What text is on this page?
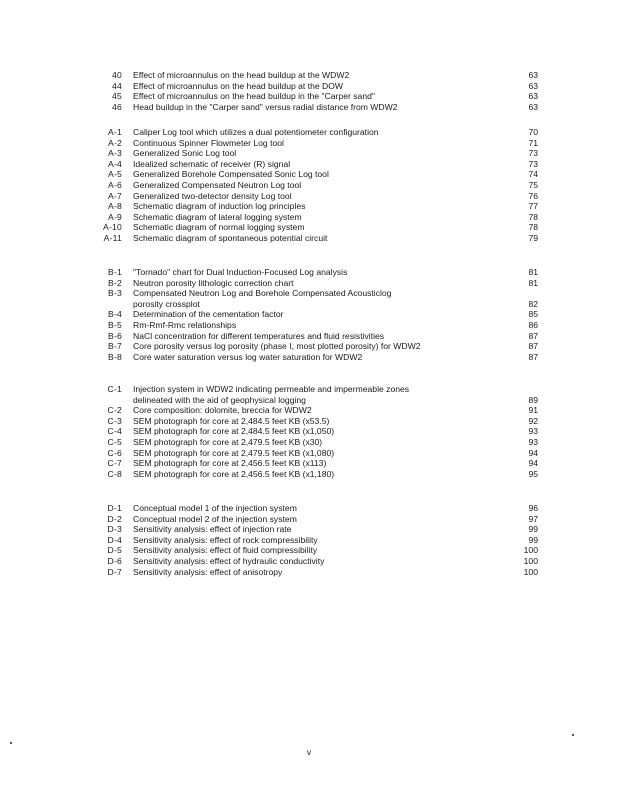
40 Effect of microannulus on the head buildup at the WDW2	63
44 Effect of microannulus on the head buildup at the DOW	63
45 Effect of microannulus on the head buildup in the "Carper sand"	63
46 Head buildup in the "Carper sand" versus radial distance from WDW2	63
A-1 Caliper Log tool which utilizes a dual potentiometer configuration	70
A-2 Continuous Spinner Flowmeter Log tool	71
A-3 Generalized Sonic Log tool	73
A-4 Idealized schematic of receiver (R) signal	73
A-5 Generalized Borehole Compensated Sonic Log tool	74
A-6 Generalized Compensated Neutron Log tool	75
A-7 Generalized two-detector density Log tool	76
A-8 Schematic diagram of induction log principles	77
A-9 Schematic diagram of lateral logging system	78
A-10 Schematic diagram of normal logging system	78
A-11 Schematic diagram of spontaneous potential circuit	79
B-1 "Tornado" chart for Dual Induction-Focused Log analysis	81
B-2 Neutron porosity lithologic correction chart	81
B-3 Compensated Neutron Log and Borehole Compensated Acousticlog
porosity crossplot	82
B-4 Determination of the cementation factor	85
B-5 Rm-Rmf-Rmc relationships	86
B-6 NaCl concentration for different temperatures and fluid resistivities	87
B-7 Core porosity versus log porosity (phase I, most plotted porosity) for WDW2	87
B-8 Core water saturation versus log water saturation for WDW2	87
C-1 Injection system in WDW2 indicating permeable and impermeable zones
delineated with the aid of geophysical logging	89
C-2 Core composition: dolomite, breccia for WDW2	91
C-3 SEM photograph for core at 2,484.5 feet KB (x53.5)	92
C-4 SEM photograph for core at 2,484.5 feet KB (x1,050)	93
C-5 SEM photograph for core at 2,479.5 feet KB (x30)	93
C-6 SEM photograph for core at 2,479.5 feet KB (x1,080)	94
C-7 SEM photograph for core at 2,456.5 feet KB (x113)	94
C-8 SEM photograph for core at 2,456.5 feet KB (x1,180)	95
D-1 Conceptual model 1 of the injection system	96
D-2 Conceptual model 2 of the injection system	97
D-3 Sensitivity analysis: effect of injection rate	99
D-4 Sensitivity analysis: effect of rock compressibility	99
D-5 Sensitivity analysis: effect of fluid compressibility	100
D-6 Sensitivity analysis: effect of hydraulic conductivity	100
D-7 Sensitivity analysis: effect of anisotropy	100
v
